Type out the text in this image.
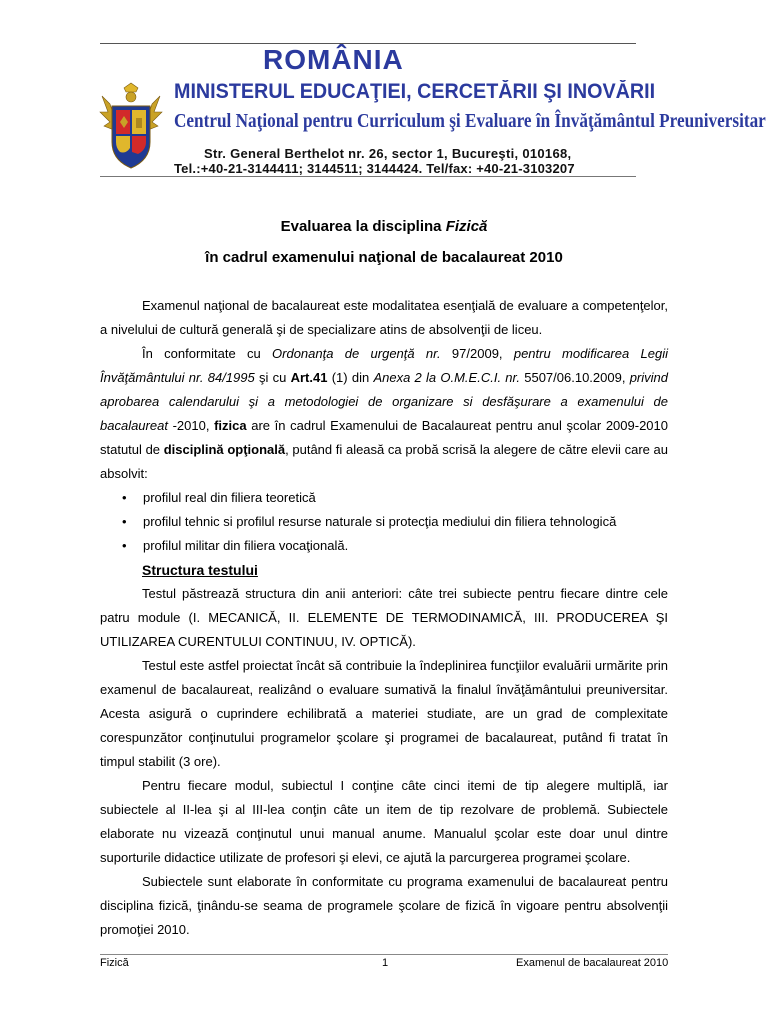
ROMÂNIA
MINISTERUL EDUCAŢIEI, CERCETĂRII ŞI INOVĂRII
Centrul Naţional pentru Curriculum şi Evaluare în Învăţământul Preuniversitar
Str. General Berthelot nr. 26, sector 1, Bucureşti, 010168,
Tel.:+40-21-3144411; 3144511; 3144424. Tel/fax: +40-21-3103207
Evaluarea la disciplina Fizică
în cadrul examenului naţional de bacalaureat 2010

Examenul naţional de bacalaureat este modalitatea esenţială de evaluare a competenţelor, a nivelului de cultură generală şi de specializare atins de absolvenţii de liceu.

În conformitate cu Ordonanţa de urgenţă nr. 97/2009, pentru modificarea Legii Învăţământului nr. 84/1995 şi cu Art.41 (1) din Anexa 2 la O.M.E.C.I. nr. 5507/06.10.2009, privind aprobarea calendarului şi a metodologiei de organizare si desfăşurare a examenului de bacalaureat -2010, fizica are în cadrul Examenului de Bacalaureat pentru anul şcolar 2009-2010 statutul de disciplină opţională, putând fi aleasă ca probă scrisă la alegere de către elevii care au absolvit:

• profilul real din filiera teoretică
• profilul tehnic si profilul resurse naturale si protecţia mediului din filiera tehnologică
• profilul militar din filiera vocaţională.
Structura testului

Testul păstrează structura din anii anteriori: câte trei subiecte pentru fiecare dintre cele patru module (I. MECANICĂ, II. ELEMENTE DE TERMODINAMICĂ, III. PRODUCEREA ŞI UTILIZAREA CURENTULUI CONTINUU, IV. OPTICĂ).

Testul este astfel proiectat încât să contribuie la îndeplinirea funcţiilor evaluării urmărite prin examenul de bacalaureat, realizând o evaluare sumativă la finalul învăţământului preuniversitar. Acesta asigură o cuprindere echilibrată a materiei studiate, are un grad de complexitate corespunzător conţinutului programelor şcolare şi programei de bacalaureat, putând fi tratat în timpul stabilit (3 ore).

Pentru fiecare modul, subiectul I conţine câte cinci itemi de tip alegere multiplă, iar subiectele al II-lea şi al III-lea conţin câte un item de tip rezolvare de problemă. Subiectele elaborate nu vizează conţinutul unui manual anume. Manualul şcolar este doar unul dintre suporturile didactice utilizate de profesori şi elevi, ce ajută la parcurgerea programei şcolare.

Subiectele sunt elaborate în conformitate cu programa examenului de bacalaureat pentru disciplina fizică, ţinându-se seama de programele şcolare de fizică în vigoare pentru absolvenţii promoţiei 2010.

Fizică	1	Examenul de bacalaureat 2010
